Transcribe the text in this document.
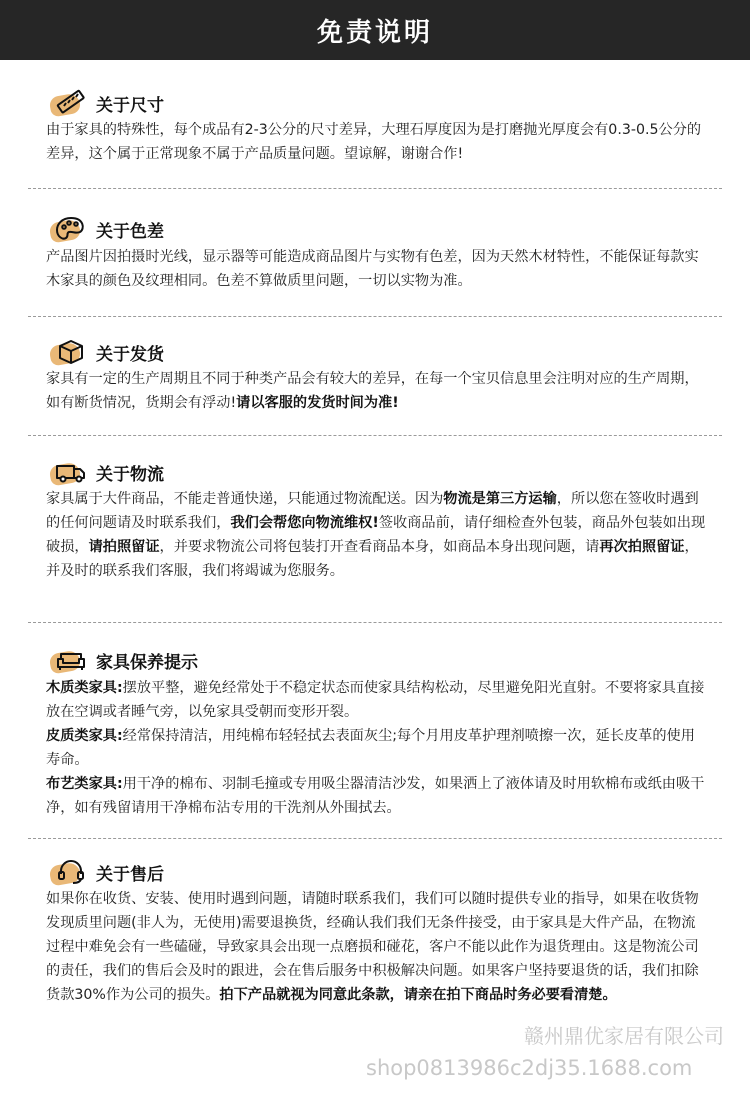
免责说明
关于尺寸

由于家具的特殊性，每个成品有2-3公分的尺寸差异，大理石厚度因为是打磨抛光厚度会有0.3-0.5公分的差异，这个属于正常现象不属于产品质量问题。望谅解，谢谢合作!

关于色差

产品图片因拍摄时光线，显示器等可能造成商品图片与实物有色差，因为天然木材特性，不能保证每款实木家具的颜色及纹理相同。色差不算做质里问题，一切以实物为准。

关于发货

家具有一定的生产周期且不同于种类产品会有较大的差异，在每一个宝贝信息里会注明对应的生产周期，如有断货情况，货期会有浮动!请以客服的发货时间为准!

关于物流

家具属于大件商品，不能走普通快递，只能通过物流配送。因为物流是第三方运输，所以您在签收时遇到的任何问题请及时联系我们，我们会帮您向物流维权!签收商品前，请仔细检查外包装，商品外包装如出现破损，请拍照留证，并要求物流公司将包装打开查看商品本身，如商品本身出现问题，请再次拍照留证，并及时的联系我们客服，我们将竭诚为您服务。

家具保养提示

木质类家具:摆放平整，避免经常处于不稳定状态而使家具结构松动，尽里避免阳光直射。不要将家具直接放在空调或者睡气旁，以免家具受朝而变形开裂。

皮质类家具:经常保持清洁，用纯棉布轻轻拭去表面灰尘;每个月用皮革护理剂喷擦一次，延长皮革的使用寿命。

布艺类家具:用干净的棉布、羽制毛撞或专用吸尘器清洁沙发，如果洒上了液体请及时用软棉布或纸由吸干净，如有残留请用干净棉布沾专用的干洗剂从外围拭去。

关于售后

如果你在收货、安装、使用时遇到问题，请随时联系我们，我们可以随时提供专业的指导，如果在收货物发现质里问题(非人为，无使用)需要退换货，经确认我们我们无条件接受，由于家具是大件产品，在物流过程中难免会有一些磕碰，导致家具会出现一点磨损和碰花，客户不能以此作为退货理由。这是物流公司的责任，我们的售后会及时的跟进，会在售后服务中积极解决问题。如果客户坚持要退货的话，我们扣除货款30%作为公司的损失。拍下产品就视为同意此条款，请亲在拍下商品时务必要看清楚。

赣州鼎优家居有限公司
shop0813986c2dj35.1688.com
